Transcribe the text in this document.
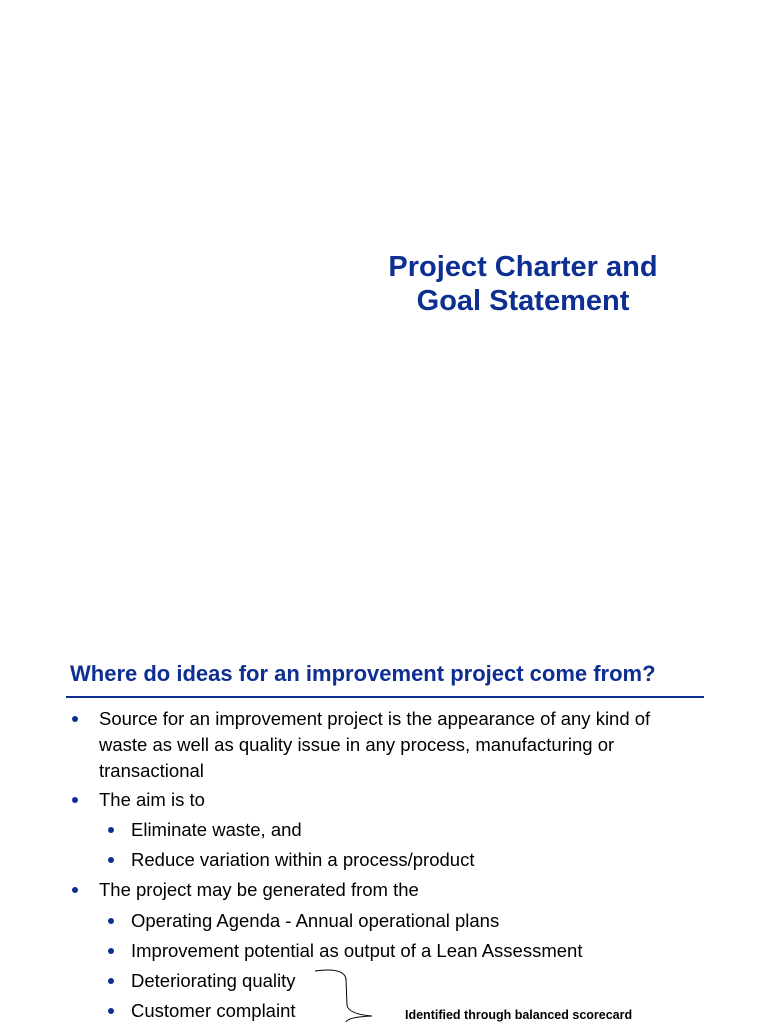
Project Charter and
Goal Statement
Where do ideas for an improvement project come from?
Source for an improvement project is the appearance of any kind of waste as well as quality issue in any process, manufacturing or transactional
The aim is to
Eliminate waste, and
Reduce variation within a process/product
The project may be generated from the
Operating Agenda - Annual operational plans
Improvement potential as output of a Lean Assessment
Deteriorating quality
Customer complaint	Identified through balanced scorecard
